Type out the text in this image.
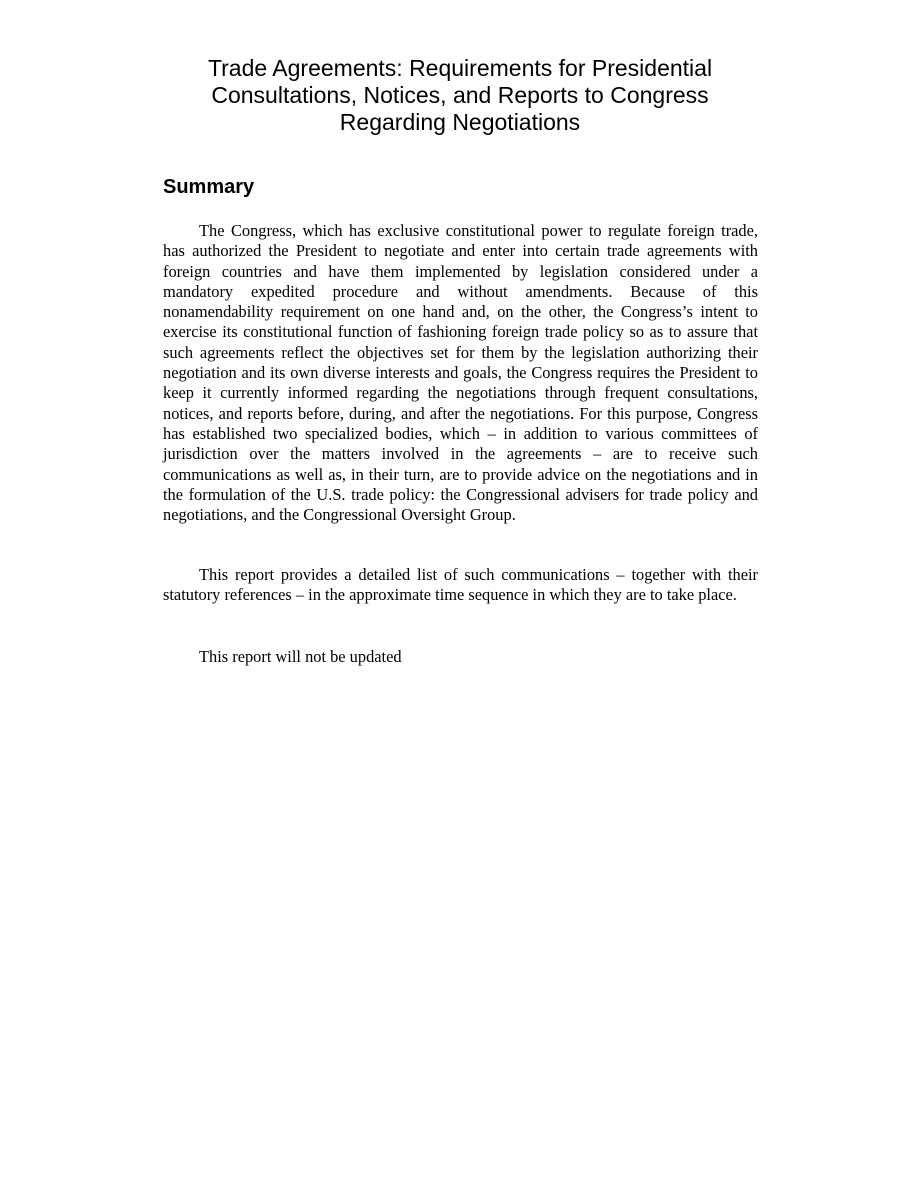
Trade Agreements: Requirements for Presidential
Consultations, Notices, and Reports to Congress
Regarding Negotiations
Summary

The Congress, which has exclusive constitutional power to regulate foreign trade, has authorized the President to negotiate and enter into certain trade agreements with foreign countries and have them implemented by legislation considered under a mandatory expedited procedure and without amendments. Because of this nonamendability requirement on one hand and, on the other, the Congress’s intent to exercise its constitutional function of fashioning foreign trade policy so as to assure that such agreements reflect the objectives set for them by the legislation authorizing their negotiation and its own diverse interests and goals, the Congress requires the President to keep it currently informed regarding the negotiations through frequent consultations, notices, and reports before, during, and after the negotiations. For this purpose, Congress has established two specialized bodies, which – in addition to various committees of jurisdiction over the matters involved in the agreements – are to receive such communications as well as, in their turn, are to provide advice on the negotiations and in the formulation of the U.S. trade policy: the Congressional advisers for trade policy and negotiations, and the Congressional Oversight Group.

This report provides a detailed list of such communications – together with their statutory references – in the approximate time sequence in which they are to take place.

This report will not be updated
